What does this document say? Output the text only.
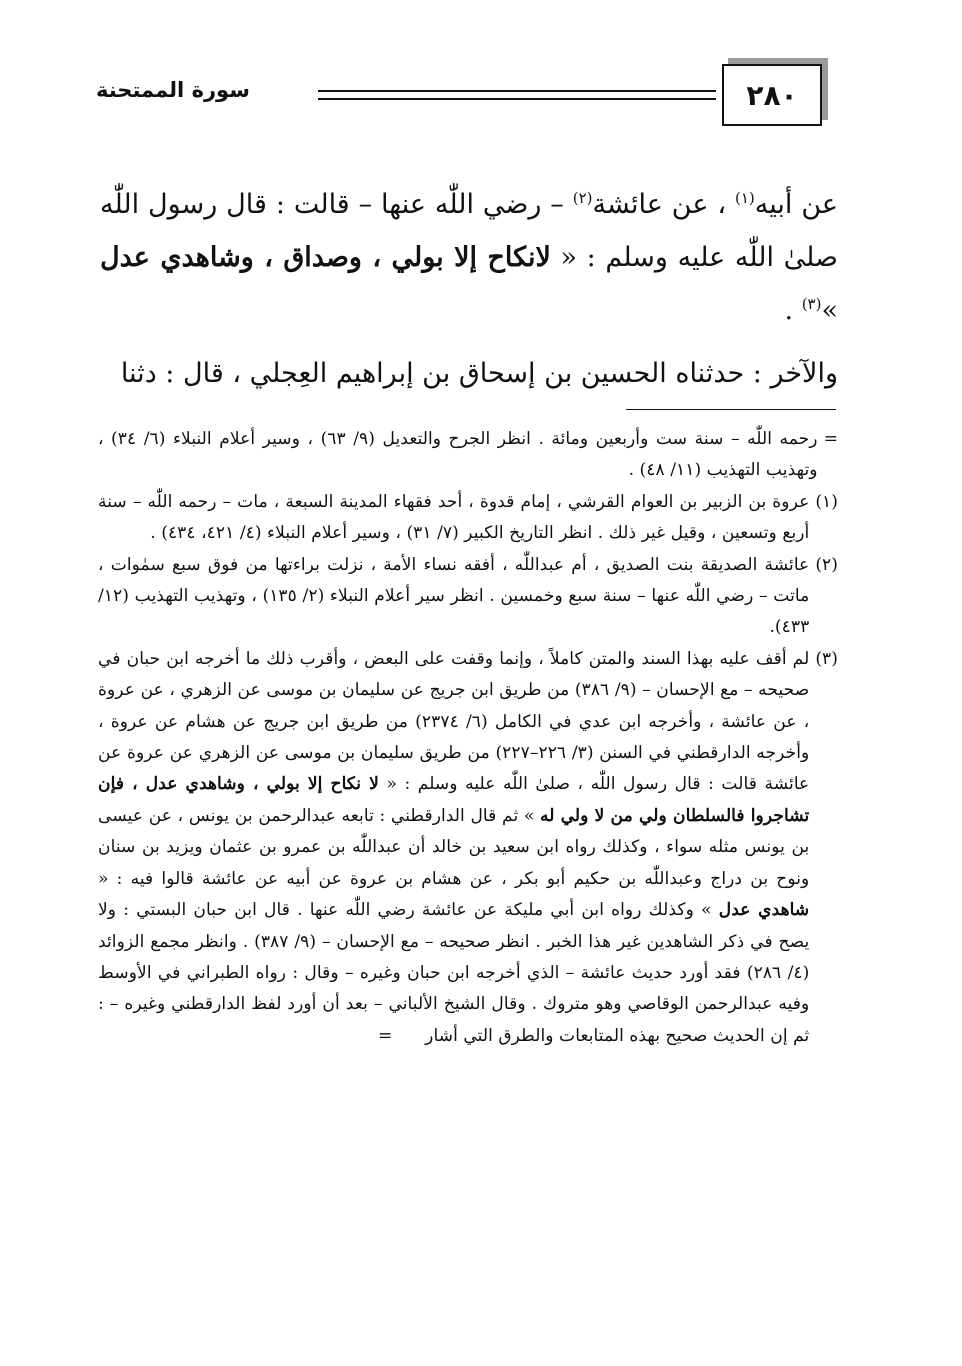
٢٨٠
سورة الممتحنة
عن أبيه$^{(١)}$ ، عن عائشة$^{(٢)}$ – رضي اللّٰه عنها – قالت : قال رسول اللّٰه صلىٰ اللّٰه عليه وسلم : « لانكاح إلا بولي ، وصداق ، وشاهدي عدل »$^{(٣)}$ .
والآخر : حدثناه الحسين بن إسحاق بن إبراهيم العِجلي ، قال : دثنا
=
رحمه اللّٰه – سنة ست وأربعين ومائة . انظر الجرح والتعديل (٩/ ٦٣) ، وسير أعلام النبلاء (٦/ ٣٤) ، وتهذيب التهذيب (١١/ ٤٨) .
(١)
عروة بن الزبير بن العوام القرشي ، إمام قدوة ، أحد فقهاء المدينة السبعة ، مات – رحمه اللّٰه – سنة أربع وتسعين ، وقيل غير ذلك . انظر التاريخ الكبير (٧/ ٣١) ، وسير أعلام النبلاء (٤/ ٤٢١، ٤٣٤) .
(٢)
عائشة الصديقة بنت الصديق ، أم عبداللّٰه ، أفقه نساء الأمة ، نزلت براءتها من فوق سبع سمٰوات ، ماتت – رضي اللّٰه عنها – سنة سبع وخمسين . انظر سير أعلام النبلاء (٢/ ١٣٥) ، وتهذيب التهذيب (١٢/ ٤٣٣).
(٣)
لم أقف عليه بهذا السند والمتن كاملاً ، وإنما وقفت على البعض ، وأقرب ذلك ما أخرجه ابن حبان في صحيحه – مع الإحسان – (٩/ ٣٨٦) من طريق ابن جريج عن سليمان بن موسى عن الزهري ، عن عروة ، عن عائشة ، وأخرجه ابن عدي في الكامل (٦/ ٢٣٧٤) من طريق ابن جريج عن هشام عن عروة ، وأخرجه الدارقطني في السنن (٣/ ٢٢٦–٢٢٧) من طريق سليمان بن موسى عن الزهري عن عروة عن عائشة قالت : قال رسول اللّٰه ، صلىٰ اللّٰه عليه وسلم : « لا نكاح إلا بولي ، وشاهدي عدل ، فإن تشاجروا فالسلطان ولي من لا ولي له » ثم قال الدارقطني : تابعه عبدالرحمن بن يونس ، عن عيسى بن يونس مثله سواء ، وكذلك رواه ابن سعيد بن خالد أن عبداللّٰه بن عمرو بن عثمان ويزيد بن سنان ونوح بن دراج وعبداللّٰه بن حكيم أبو بكر ، عن هشام بن عروة عن أبيه عن عائشة قالوا فيه : « شاهدي عدل » وكذلك رواه ابن أبي مليكة عن عائشة رضي اللّٰه عنها . قال ابن حبان البستي : ولا يصح في ذكر الشاهدين غير هذا الخبر . انظر صحيحه – مع الإحسان – (٩/ ٣٨٧) . وانظر مجمع الزوائد (٤/ ٢٨٦) فقد أورد حديث عائشة – الذي أخرجه ابن حبان وغيره – وقال : رواه الطبراني في الأوسط وفيه عبدالرحمن الوقاصي وهو متروك . وقال الشيخ الألباني – بعد أن أورد لفظ الدارقطني وغيره – : ثم إن الحديث صحيح بهذه المتابعات والطرق التي أشار      =
